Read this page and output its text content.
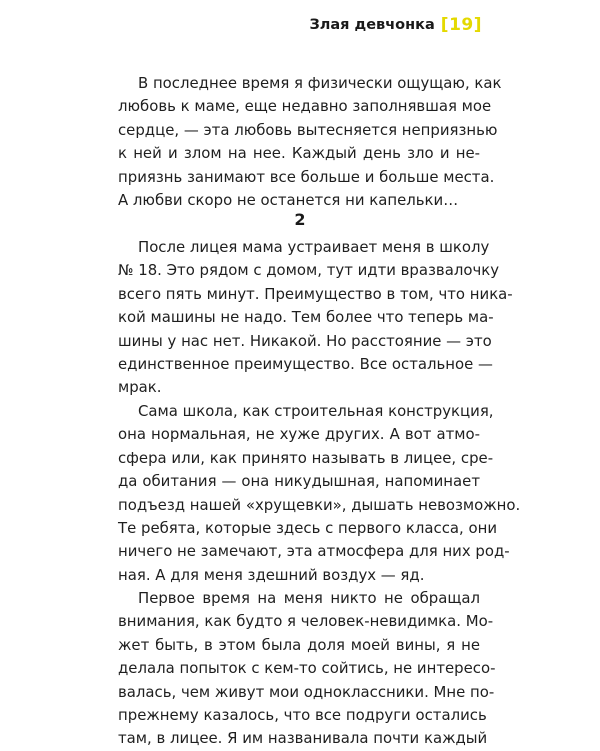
Злая девчонка [19]
В последнее время я физически ощущаю, как
любовь к маме, еще недавно заполнявшая мое
сердце, — эта любовь вытесняется неприязнью
к ней и злом на нее. Каждый день зло и не-
приязнь занимают все больше и больше места.
А любви скоро не останется ни капельки…
2
После лицея мама устраивает меня в школу
№ 18. Это рядом с домом, тут идти вразвалочку
всего пять минут. Преимущество в том, что ника-
кой машины не надо. Тем более что теперь ма-
шины у нас нет. Никакой. Но расстояние — это
единственное преимущество. Все остальное —
мрак.
Сама школа, как строительная конструкция,
она нормальная, не хуже других. А вот атмо-
сфера или, как принято называть в лицее, сре-
да обитания — она никудышная, напоминает
подъезд нашей «хрущевки», дышать невозможно.
Те ребята, которые здесь с первого класса, они
ничего не замечают, эта атмосфера для них род-
ная. А для меня здешний воздух — яд.
Первое время на меня никто не обращал
внимания, как будто я человек-невидимка. Мо-
жет быть, в этом была доля моей вины, я не
делала попыток с кем-то сойтись, не интересо-
валась, чем живут мои одноклассники. Мне по-
прежнему казалось, что все подруги остались
там, в лицее. Я им названивала почти каждый
